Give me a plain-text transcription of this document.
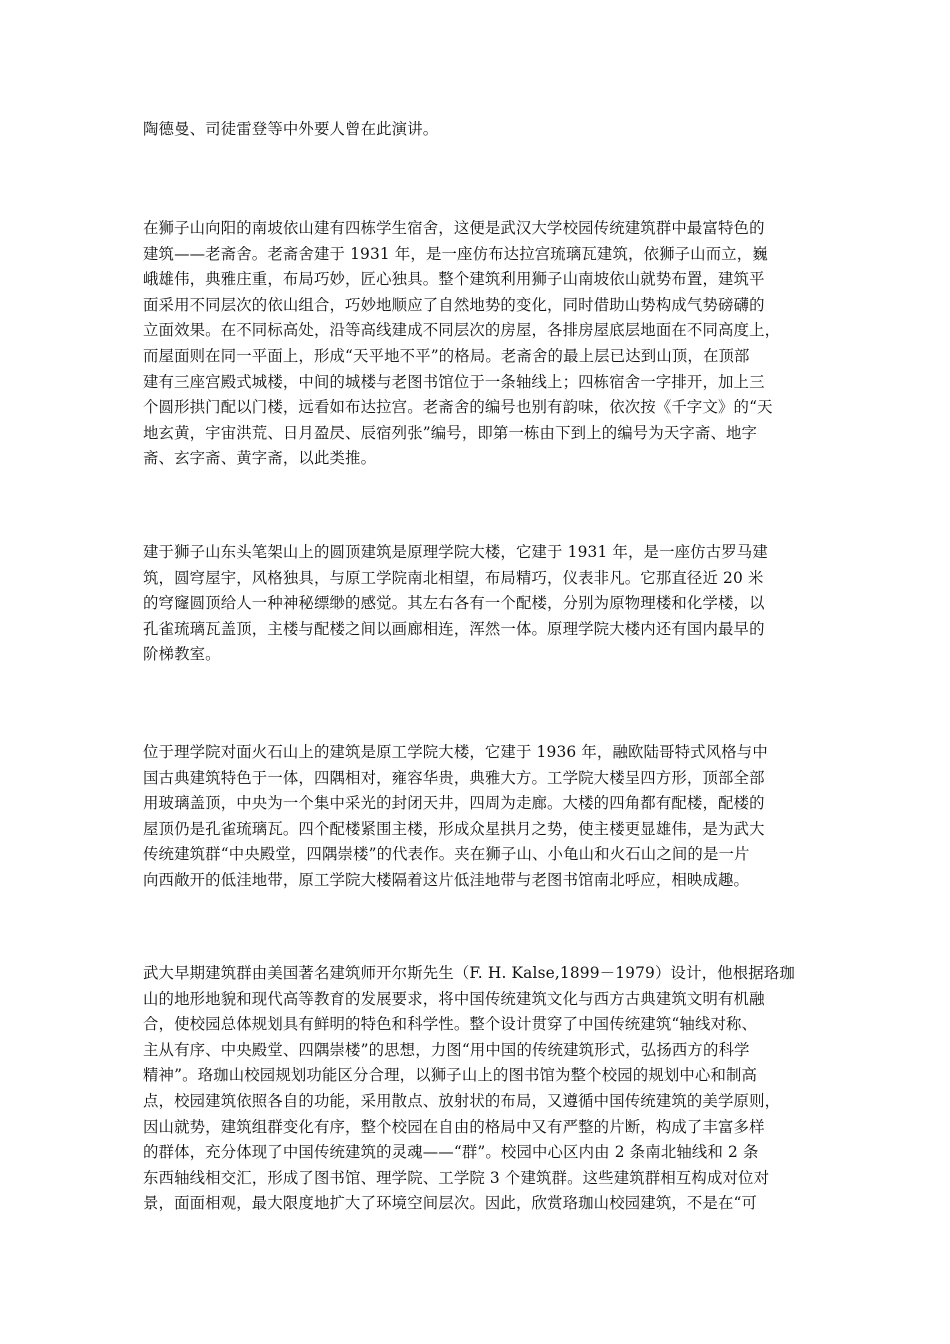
陶德曼、司徒雷登等中外要人曾在此演讲。

在狮子山向阳的南坡依山建有四栋学生宿舍，这便是武汉大学校园传统建筑群中最富特色的
建筑——老斋舍。老斋舍建于 1931 年，是一座仿布达拉宫琉璃瓦建筑，依狮子山而立，巍
峨雄伟，典雅庄重，布局巧妙，匠心独具。整个建筑利用狮子山南坡依山就势布置，建筑平
面采用不同层次的依山组合，巧妙地顺应了自然地势的变化，同时借助山势构成气势磅礴的
立面效果。在不同标高处，沿等高线建成不同层次的房屋，各排房屋底层地面在不同高度上，
而屋面则在同一平面上，形成“天平地不平”的格局。老斋舍的最上层已达到山顶，在顶部
建有三座宫殿式城楼，中间的城楼与老图书馆位于一条轴线上；四栋宿舍一字排开，加上三
个圆形拱门配以门楼，远看如布达拉宫。老斋舍的编号也别有韵味，依次按《千字文》的“天
地玄黄，宇宙洪荒、日月盈昃、辰宿列张”编号，即第一栋由下到上的编号为天字斋、地字
斋、玄字斋、黄字斋，以此类推。

建于狮子山东头笔架山上的圆顶建筑是原理学院大楼，它建于 1931 年，是一座仿古罗马建
筑，圆穹屋宇，风格独具，与原工学院南北相望，布局精巧，仪表非凡。它那直径近 20 米
的穹窿圆顶给人一种神秘缥缈的感觉。其左右各有一个配楼，分别为原物理楼和化学楼，以
孔雀琉璃瓦盖顶，主楼与配楼之间以画廊相连，浑然一体。原理学院大楼内还有国内最早的
阶梯教室。

位于理学院对面火石山上的建筑是原工学院大楼，它建于 1936 年，融欧陆哥特式风格与中
国古典建筑特色于一体，四隅相对，雍容华贵，典雅大方。工学院大楼呈四方形，顶部全部
用玻璃盖顶，中央为一个集中采光的封闭天井，四周为走廊。大楼的四角都有配楼，配楼的
屋顶仍是孔雀琉璃瓦。四个配楼紧围主楼，形成众星拱月之势，使主楼更显雄伟，是为武大
传统建筑群“中央殿堂，四隅崇楼”的代表作。夹在狮子山、小龟山和火石山之间的是一片
向西敞开的低洼地带，原工学院大楼隔着这片低洼地带与老图书馆南北呼应，相映成趣。

武大早期建筑群由美国著名建筑师开尔斯先生（F. H. Kalse,1899－1979）设计，他根据珞珈
山的地形地貌和现代高等教育的发展要求，将中国传统建筑文化与西方古典建筑文明有机融
合，使校园总体规划具有鲜明的特色和科学性。整个设计贯穿了中国传统建筑“轴线对称、
主从有序、中央殿堂、四隅崇楼”的思想，力图“用中国的传统建筑形式，弘扬西方的科学
精神”。珞珈山校园规划功能区分合理，以狮子山上的图书馆为整个校园的规划中心和制高
点，校园建筑依照各自的功能，采用散点、放射状的布局，又遵循中国传统建筑的美学原则，
因山就势，建筑组群变化有序，整个校园在自由的格局中又有严整的片断，构成了丰富多样
的群体，充分体现了中国传统建筑的灵魂——“群”。校园中心区内由 2 条南北轴线和 2 条
东西轴线相交汇，形成了图书馆、理学院、工学院 3 个建筑群。这些建筑群相互构成对位对
景，面面相观，最大限度地扩大了环境空间层次。因此，欣赏珞珈山校园建筑，不是在“可
